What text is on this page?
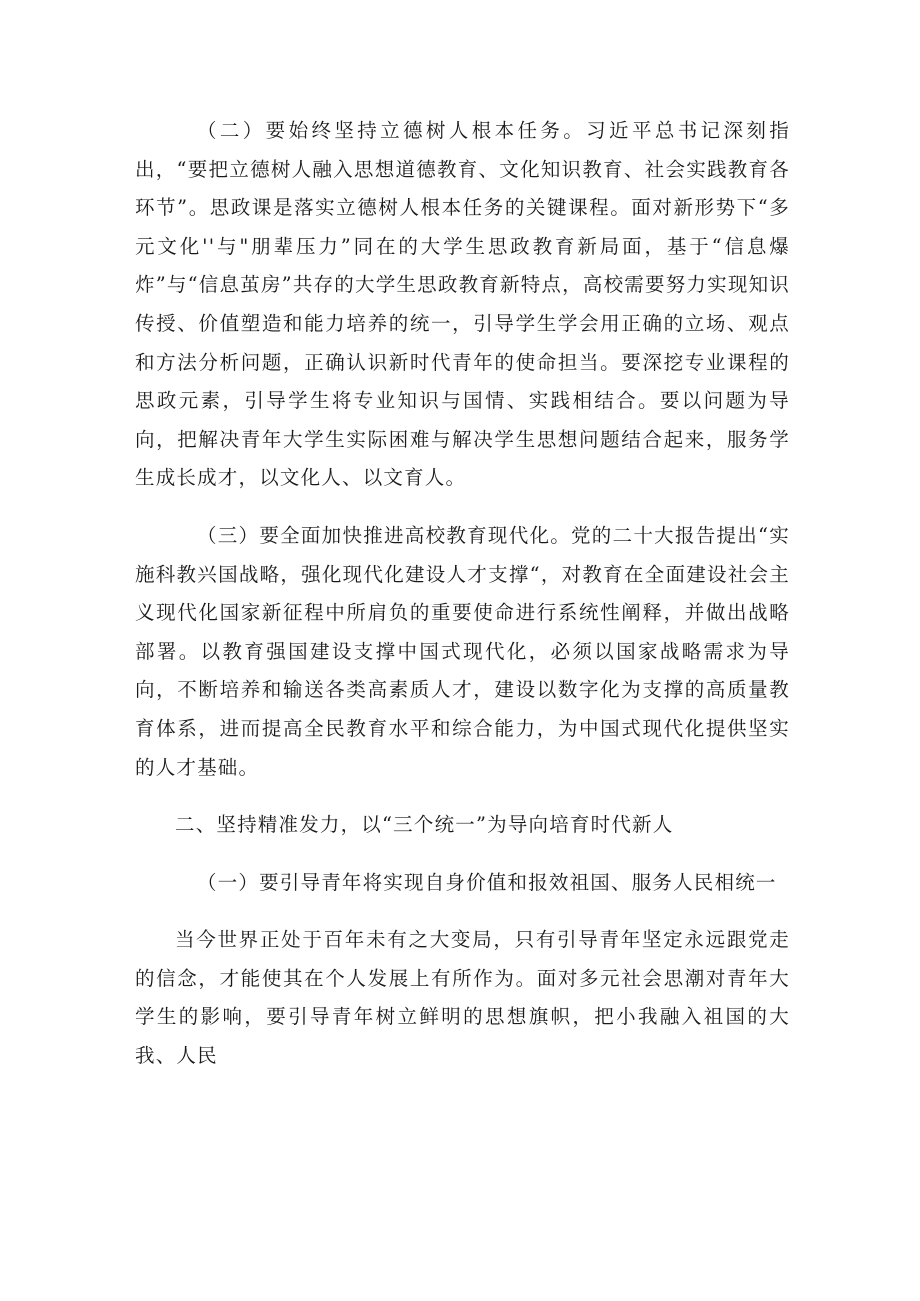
（二）要始终坚持立德树人根本任务。习近平总书记深刻指出，“要把立德树人融入思想道德教育、文化知识教育、社会实践教育各环节”。思政课是落实立德树人根本任务的关键课程。面对新形势下“多元文化''与"朋辈压力”同在的大学生思政教育新局面，基于“信息爆炸”与“信息茧房”共存的大学生思政教育新特点，高校需要努力实现知识传授、价值塑造和能力培养的统一，引导学生学会用正确的立场、观点和方法分析问题，正确认识新时代青年的使命担当。要深挖专业课程的思政元素，引导学生将专业知识与国情、实践相结合。要以问题为导向，把解决青年大学生实际困难与解决学生思想问题结合起来，服务学生成长成才，以文化人、以文育人。

（三）要全面加快推进高校教育现代化。党的二十大报告提出“实施科教兴国战略，强化现代化建设人才支撑“，对教育在全面建设社会主义现代化国家新征程中所肩负的重要使命进行系统性阐释，并做出战略部署。以教育强国建设支撑中国式现代化，必须以国家战略需求为导向，不断培养和输送各类高素质人才，建设以数字化为支撑的高质量教育体系，进而提高全民教育水平和综合能力，为中国式现代化提供坚实的人才基础。

二、坚持精准发力，以“三个统一”为导向培育时代新人

（一）要引导青年将实现自身价值和报效祖国、服务人民相统一

当今世界正处于百年未有之大变局，只有引导青年坚定永远跟党走的信念，才能使其在个人发展上有所作为。面对多元社会思潮对青年大学生的影响，要引导青年树立鲜明的思想旗帜，把小我融入祖国的大我、人民
